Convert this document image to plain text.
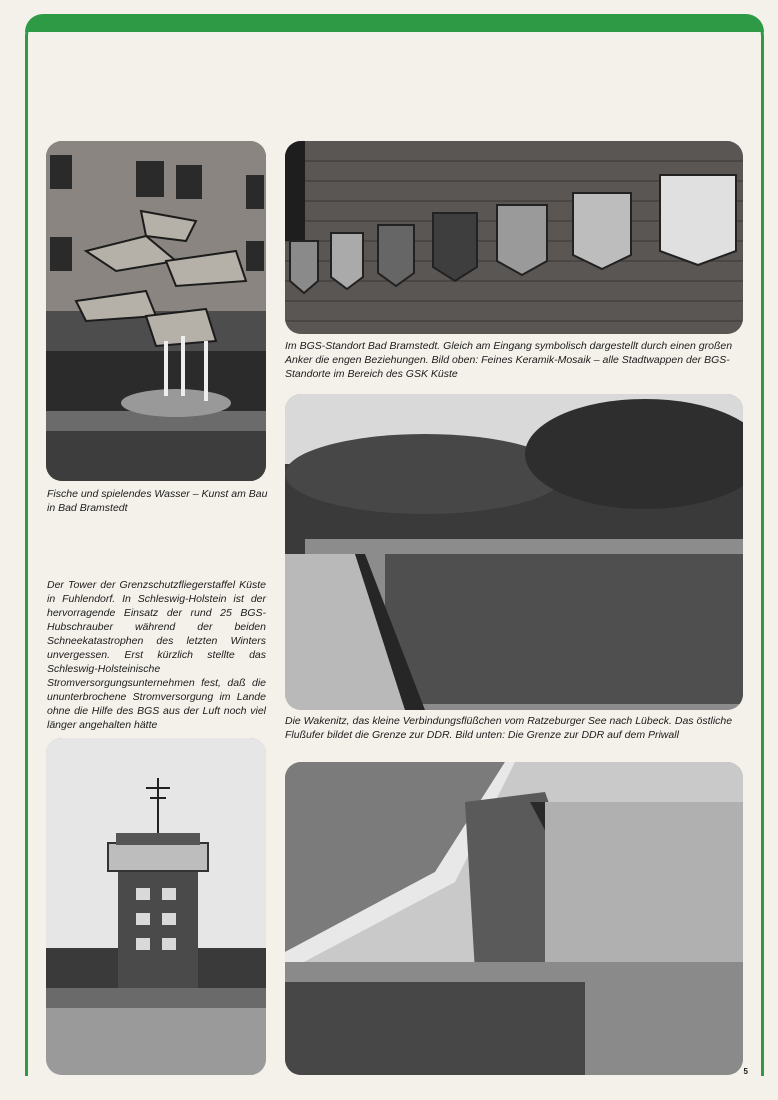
Fische und spielendes Wasser – Kunst am Bau in Bad Bramstedt

Im BGS-Standort Bad Bramstedt. Gleich am Eingang symbolisch dargestellt durch einen großen Anker die engen Beziehungen. Bild oben: Feines Keramik-Mosaik – alle Stadtwappen der BGS-Standorte im Bereich des GSK Küste

Die Wakenitz, das kleine Verbindungsflüßchen vom Ratzeburger See nach Lübeck. Das östliche Flußufer bildet die Grenze zur DDR. Bild unten: Die Grenze zur DDR auf dem Priwall

Der Tower der Grenzschutzfliegerstaffel Küste in Fuhlendorf. In Schleswig-Holstein ist der hervorragende Einsatz der rund 25 BGS-Hubschrauber während der beiden Schneekatastrophen des letzten Winters unvergessen. Erst kürzlich stellte das Schleswig-Holsteinische Stromversorgungsunternehmen fest, daß die ununterbrochene Stromversorgung im Lande ohne die Hilfe des BGS aus der Luft noch viel länger angehalten hätte

5
